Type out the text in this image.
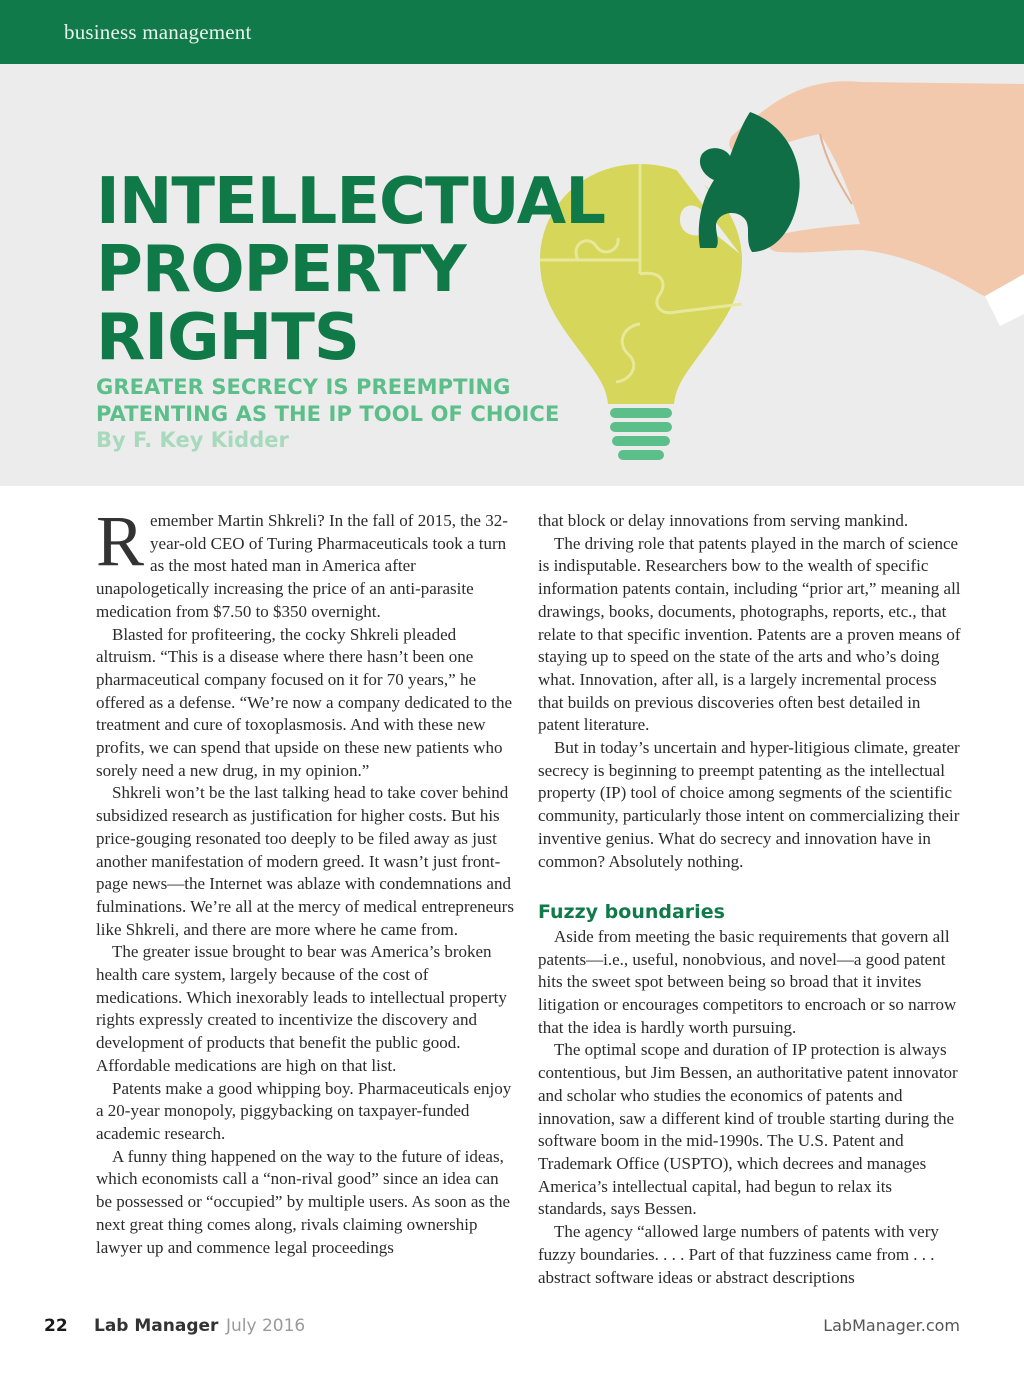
business management
INTELLECTUAL
PROPERTY
RIGHTS
GREATER SECRECY IS PREEMPTING
PATENTING AS THE IP TOOL OF CHOICE
By F. Key Kidder

Remember Martin Shkreli? In the fall of 2015, the 32-year-old CEO of Turing Pharmaceuticals took a turn as the most hated man in America after unapologetically increasing the price of an anti-parasite medication from $7.50 to $350 overnight.

Blasted for profiteering, the cocky Shkreli pleaded altruism. “This is a disease where there hasn’t been one pharmaceutical company focused on it for 70 years,” he offered as a defense. “We’re now a company dedicated to the treatment and cure of toxoplasmosis. And with these new profits, we can spend that upside on these new patients who sorely need a new drug, in my opinion.”

Shkreli won’t be the last talking head to take cover behind subsidized research as justification for higher costs. But his price-gouging resonated too deeply to be filed away as just another manifestation of modern greed. It wasn’t just front-page news—the Internet was ablaze with condemnations and fulminations. We’re all at the mercy of medical entrepreneurs like Shkreli, and there are more where he came from.

The greater issue brought to bear was America’s broken health care system, largely because of the cost of medications. Which inexorably leads to intellectual property rights expressly created to incentivize the discovery and development of products that benefit the public good. Affordable medications are high on that list.

Patents make a good whipping boy. Pharmaceuticals enjoy a 20-year monopoly, piggybacking on taxpayer-funded academic research.

A funny thing happened on the way to the future of ideas, which economists call a “non-rival good” since an idea can be possessed or “occupied” by multiple users. As soon as the next great thing comes along, rivals claiming ownership lawyer up and commence legal proceedings

that block or delay innovations from serving mankind.

The driving role that patents played in the march of science is indisputable. Researchers bow to the wealth of specific information patents contain, including “prior art,” meaning all drawings, books, documents, photographs, reports, etc., that relate to that specific invention. Patents are a proven means of staying up to speed on the state of the arts and who’s doing what. Innovation, after all, is a largely incremental process that builds on previous discoveries often best detailed in patent literature.

But in today’s uncertain and hyper-litigious climate, greater secrecy is beginning to preempt patenting as the intellectual property (IP) tool of choice among segments of the scientific community, particularly those intent on commercializing their inventive genius. What do secrecy and innovation have in common? Absolutely nothing.

Fuzzy boundaries

Aside from meeting the basic requirements that govern all patents—i.e., useful, nonobvious, and novel—a good patent hits the sweet spot between being so broad that it invites litigation or encourages competitors to encroach or so narrow that the idea is hardly worth pursuing.

The optimal scope and duration of IP protection is always contentious, but Jim Bessen, an authoritative patent innovator and scholar who studies the economics of patents and innovation, saw a different kind of trouble starting during the software boom in the mid-1990s. The U.S. Patent and Trademark Office (USPTO), which decrees and manages America’s intellectual capital, had begun to relax its standards, says Bessen.

The agency “allowed large numbers of patents with very fuzzy boundaries. . . . Part of that fuzziness came from . . . abstract software ideas or abstract descriptions

22 Lab Manager July 2016	LabManager.com
